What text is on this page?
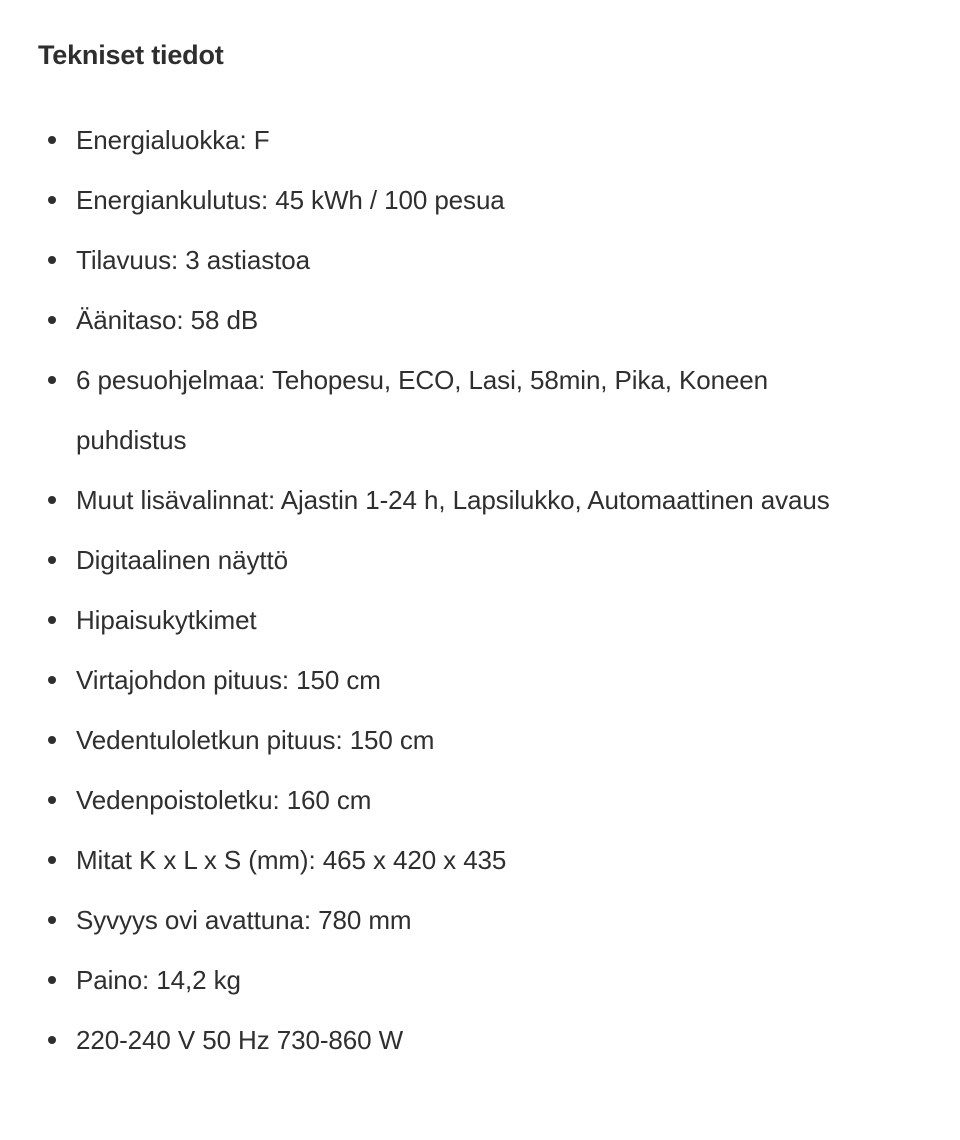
Tekniset tiedot
Energialuokka: F
Energiankulutus: 45 kWh / 100 pesua
Tilavuus: 3 astiastoa
Äänitaso: 58 dB
6 pesuohjelmaa: Tehopesu, ECO, Lasi, 58min, Pika, Koneen puhdistus
Muut lisävalinnat: Ajastin 1-24 h, Lapsilukko, Automaattinen avaus
Digitaalinen näyttö
Hipaisukytkimet
Virtajohdon pituus: 150 cm
Vedentuloletkun pituus: 150 cm
Vedenpoistoletku: 160 cm
Mitat K x L x S (mm): 465 x 420 x 435
Syvyys ovi avattuna: 780 mm
Paino: 14,2 kg
220-240 V 50 Hz 730-860 W
